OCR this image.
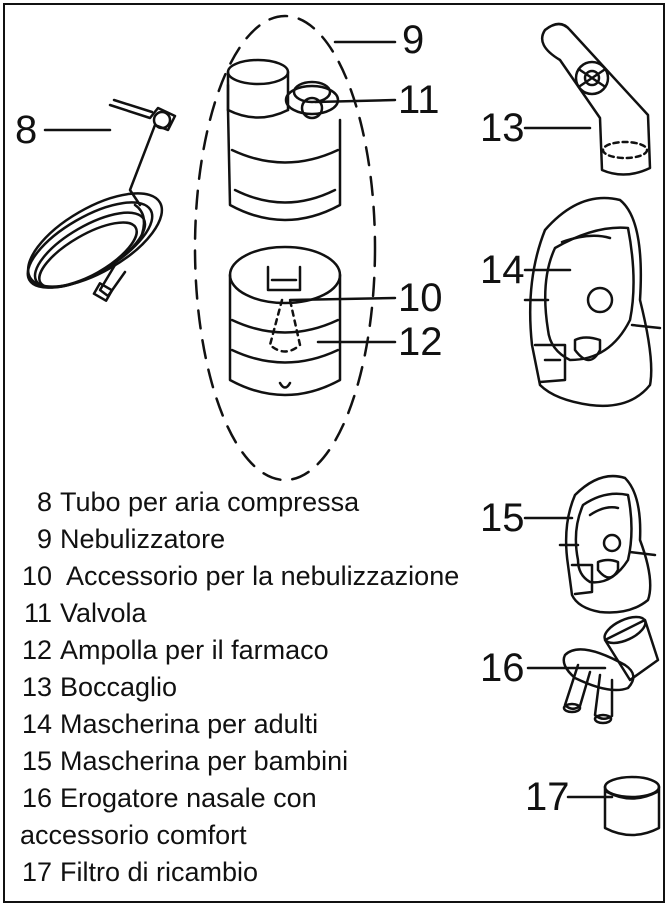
8
9
10
11
12
13
14
15
16
17
8 Tubo per aria compressa
9 Nebulizzatore
10 Accessorio per la nebulizzazione
11 Valvola
12 Ampolla per il farmaco
13 Boccaglio
14 Mascherina per adulti
15 Mascherina per bambini
16 Erogatore nasale con
accessorio comfort
17 Filtro di ricambio
